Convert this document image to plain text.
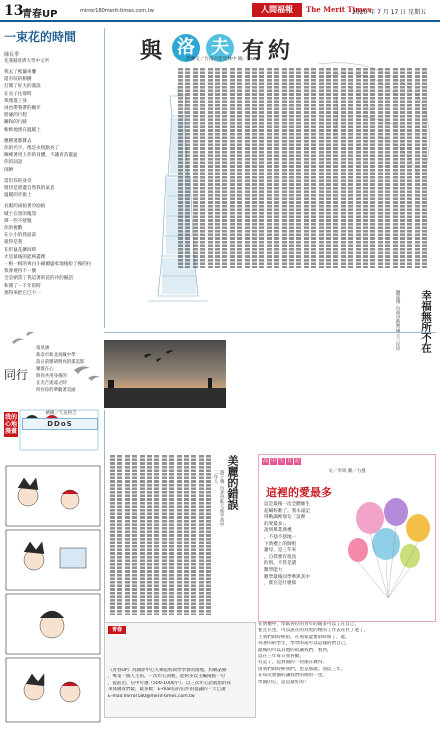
13
青春UP	mirror180merit-times.com.tw	人間福報	The Merit Times
2020 年 7 月 17 日 星期五
一束花的時間
陳長季
花蓮縣慈濟大學中文所
我去了熙攘車疊
還有喧的相樹
打開了好大的霧浪
在長子往那時
我埋進了身
再也帶我帶的願步
將碰的行程
聯和的行跡
斬斬地黑在溫暖上
應勝著都雜去
你的名字，像是永恆點亮了
陳峰著用上你的身體，不讓青苗靈盆
你的詞語
削擠
當但你的身旁
燈切是窗邊自然我的氣息
溫暖的步旅上
長眼的雨拍著冷面痕
城士在黑的塊怨
潭一些不舒服
你的視數
在小小的我面前
就得是我
在折鼠花擴回時
才是最後的能夠盡理
一根一根的爽白小銀爾盛家地後紛了後的拉
我會連待不一倒
全是朝當了我這著的花的冷的擬語
和開了一千年的時
那得來把它已不一
與 洛 夫 有 約
許審文／台南市佳里林中 圖／Rser
幸福無所不在
劉泓翔 台南市新營國立三民中
同行
張旻涵
新北市新北高級中學
落日前嬰研明亮的孤美影
聚群在心
與你共用身後的
在光芒遙遠之時
所住你的夢隨著美丽
我的心地漫畫
繪圖／天吳阿吉
DDoS
美麗的錯誤
游子瑀 台北市私立延平高中二年人
高 中 生 日 記
文／李周 圖／力風
這裡的愛最多
這是最後一次全體師生
起喊校歌了。我永遠記
得戰調裡那句「這裡
的愛最多」。
說到畢業典禮
，不捨不捨地一
下典禮上的師咀
謝母，是三年來
，自我要有很真
的別。不管是讀
數學能力
數學最後同學參與其中
，實在是什麼那
在典禮中，學區各位的青年的開多可以了在自己，
並且在也，可以說在的為更的理的工作去在社了進了，
上我們的時候的，在那家能要的時間了，能，
為著的的學生，學學的還可以這樣的們自己，
最後的可以其他的的讓我們，看到，
這在三年每日我喜歡，
有記了，這對面的一切都在教得，
由我們的時候我們，也是那就。而這三年，
在每次實個的讓我們的理的一也，
學開的心，這是最好的！
青春
《青春UP》為國際中心大專院校與學學會的園地，約稿話動
，專業一個人主角，一次年心詞輕，能夠多以主編兩點一句
，提前出、信中可選（500-1000字）、以三次年心語就想的我
來寫國青們最，最多數：E-mail信的信件的提議的一天已讀
E-mail:mirror180@merit-times.com.tw
